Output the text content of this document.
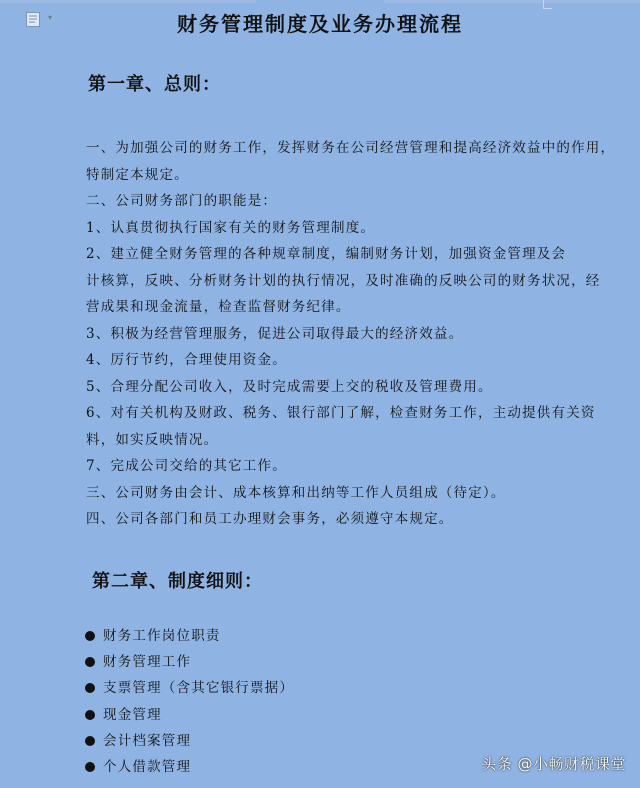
▾	财务管理制度及业务办理流程
第一章、总则：
一、为加强公司的财务工作，发挥财务在公司经营管理和提高经济效益中的作用，
特制定本规定。
二、公司财务部门的职能是：
1、认真贯彻执行国家有关的财务管理制度。
2、建立健全财务管理的各种规章制度，编制财务计划，加强资金管理及会
计核算，反映、分析财务计划的执行情况，及时准确的反映公司的财务状况，经
营成果和现金流量，检查监督财务纪律。
3、积极为经营管理服务，促进公司取得最大的经济效益。
4、厉行节约，合理使用资金。
5、合理分配公司收入，及时完成需要上交的税收及管理费用。
6、对有关机构及财政、税务、银行部门了解，检查财务工作，主动提供有关资
料，如实反映情况。
7、完成公司交给的其它工作。
三、公司财务由会计、成本核算和出纳等工作人员组成（待定）。
四、公司各部门和员工办理财会事务，必须遵守本规定。
第二章、制度细则：
财务工作岗位职责
财务管理工作
支票管理（含其它银行票据）
现金管理
会计档案管理
个人借款管理	头条 @小畅财税课堂
